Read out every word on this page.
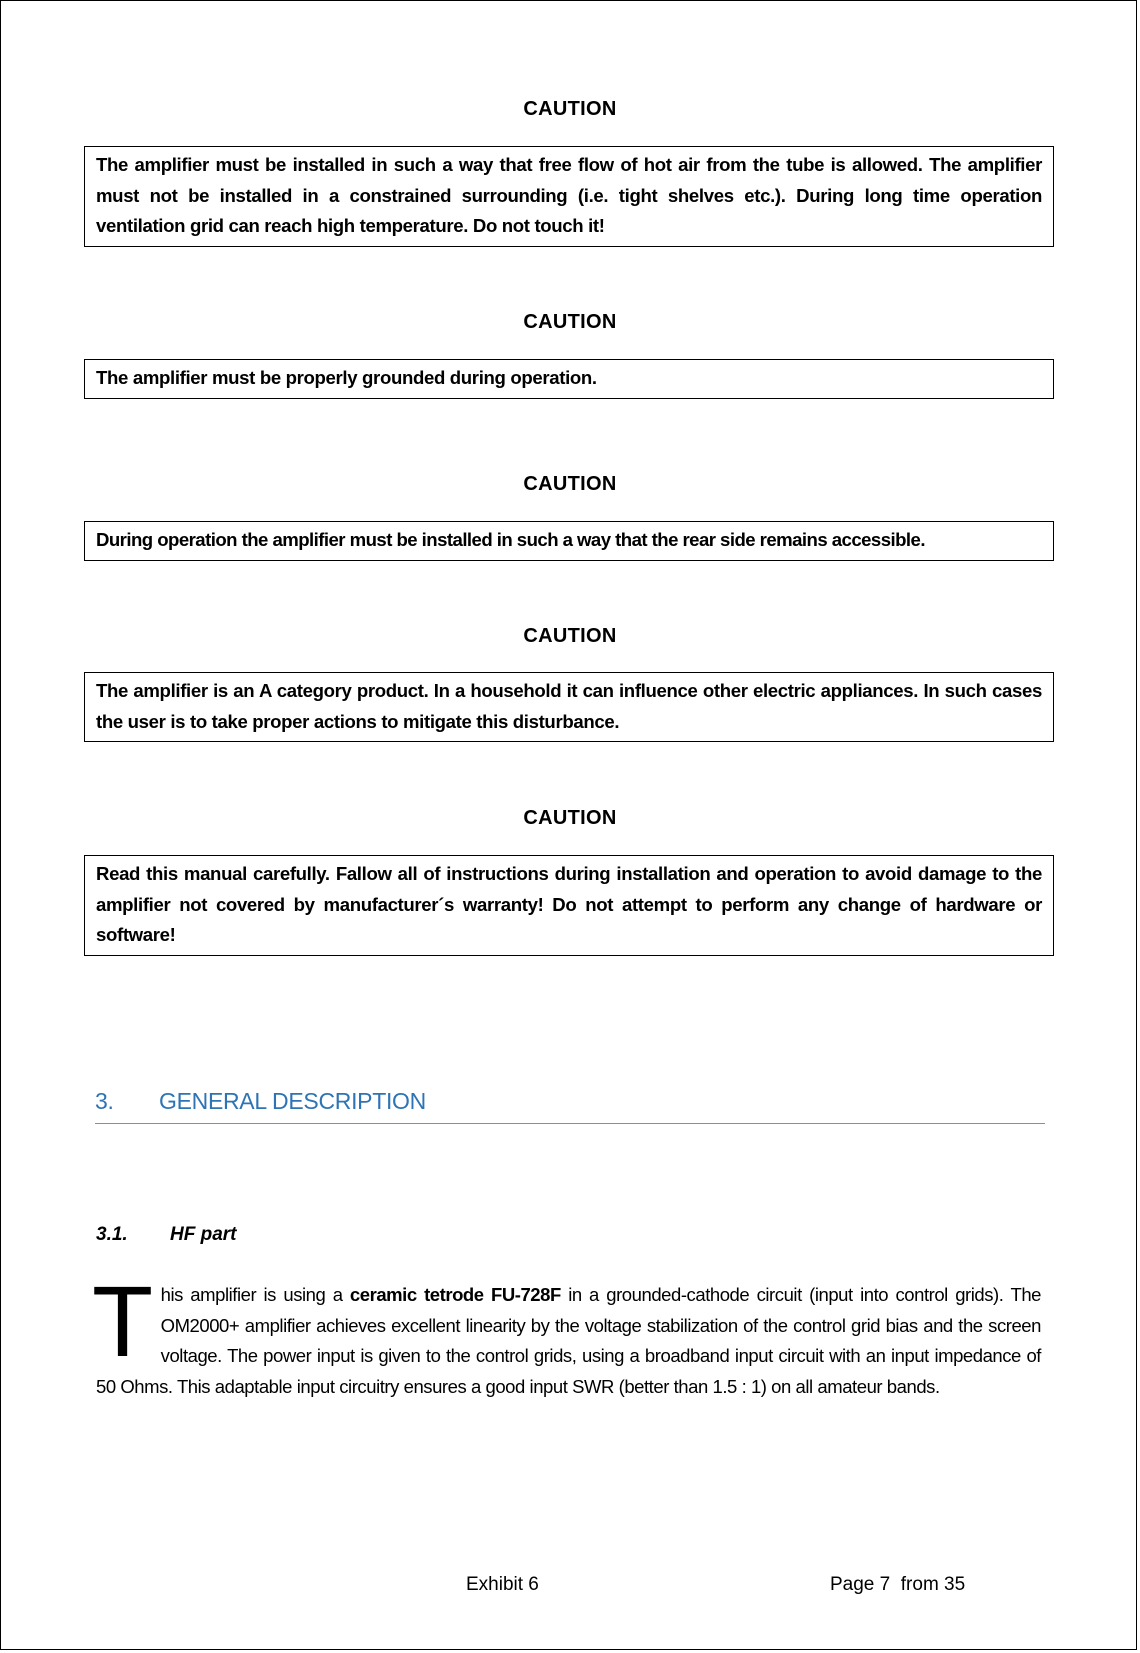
CAUTION
The amplifier must be installed in such a way that free flow of hot air from the tube is allowed. The amplifier must not be installed in a constrained surrounding (i.e. tight shelves etc.). During long time operation ventilation grid can reach high temperature. Do not touch it!
CAUTION
The amplifier must be properly grounded during operation.
CAUTION
During operation the amplifier must be installed in such a way that the rear side remains accessible.
CAUTION
The amplifier is an A category product. In a household it can influence other electric appliances. In such cases the user is to take proper actions to mitigate this disturbance.
CAUTION
Read this manual carefully. Fallow all of instructions during installation and operation to avoid damage to the amplifier not covered by manufacturer´s warranty! Do not attempt to perform any change of hardware or software!
3. GENERAL DESCRIPTION
3.1. HF part
This amplifier is using a ceramic tetrode FU-728F in a grounded-cathode circuit (input into control grids). The OM2000+ amplifier achieves excellent linearity by the voltage stabilization of the control grid bias and the screen voltage. The power input is given to the control grids, using a broadband input circuit with an input impedance of 50 Ohms. This adaptable input circuitry ensures a good input SWR (better than 1.5 : 1) on all amateur bands.
Exhibit 6	Page 7  from 35
